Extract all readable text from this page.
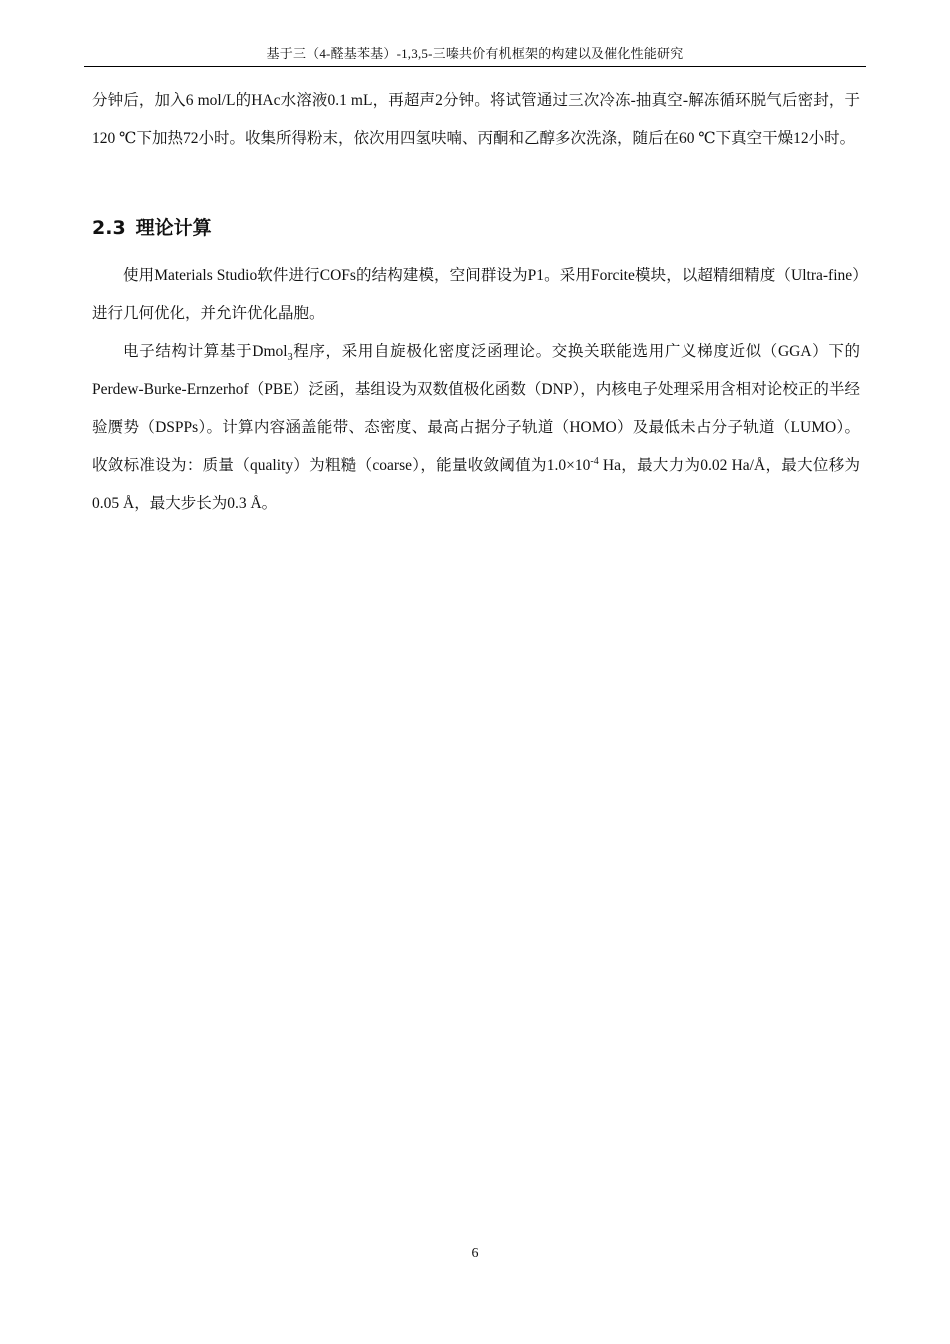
基于三（4-醛基苯基）-1,3,5-三嗪共价有机框架的构建以及催化性能研究

分钟后，加入6 mol/L的HAc水溶液0.1 mL，再超声2分钟。将试管通过三次冷冻-抽真空-解冻循环脱气后密封，于120 ℃下加热72小时。收集所得粉末，依次用四氢呋喃、丙酮和乙醇多次洗涤，随后在60 ℃下真空干燥12小时。

2.3 理论计算

使用Materials Studio软件进行COFs的结构建模，空间群设为P1。采用Forcite模块，以超精细精度（Ultra-fine）进行几何优化，并允许优化晶胞。

电子结构计算基于Dmol$_3$程序，采用自旋极化密度泛函理论。交换关联能选用广义梯度近似（GGA）下的Perdew-Burke-Ernzerhof（PBE）泛函，基组设为双数值极化函数（DNP），内核电子处理采用含相对论校正的半经验赝势（DSPPs）。计算内容涵盖能带、态密度、最高占据分子轨道（HOMO）及最低未占分子轨道（LUMO）。收敛标准设为：质量（quality）为粗糙（coarse），能量收敛阈值为$1.0\times 10^{-4}$ Ha，最大力为0.02 Ha/Å，最大位移为0.05 Å，最大步长为0.3 Å。

6
